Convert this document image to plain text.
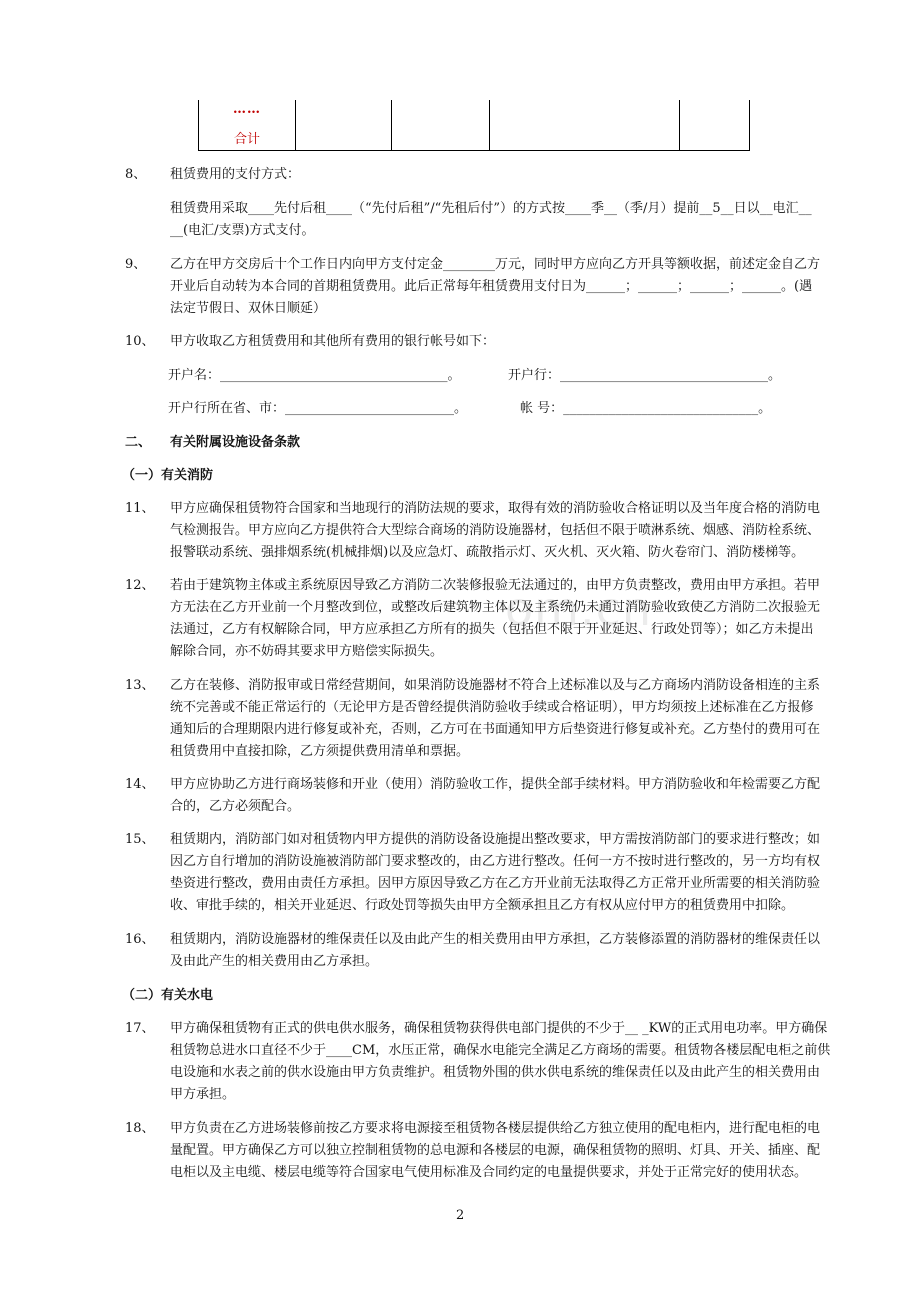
om.cn
……
合计
8、 租赁费用的支付方式：
租赁费用采取____先付后租____（“先付后租”/“先租后付”）的方式按____季__（季/月）提前__5__日以__电汇__
__(电汇/支票)方式支付。
9、 乙方在甲方交房后十个工作日内向甲方支付定金________万元，同时甲方应向乙方开具等额收据，前述定金自乙方
开业后自动转为本合同的首期租赁费用。此后正常每年租赁费用支付日为______；______；______；______。(遇
法定节假日、双休日顺延）
10、 甲方收取乙方租赁费用和其他所有费用的银行帐号如下：
开户名：___________________________________。	开户行：________________________________。
开户行所在省、市：__________________________。	帐 号：______________________________。
二、 有关附属设施设备条款
（一）有关消防
11、 甲方应确保租赁物符合国家和当地现行的消防法规的要求，取得有效的消防验收合格证明以及当年度合格的消防电
气检测报告。甲方应向乙方提供符合大型综合商场的消防设施器材，包括但不限于喷淋系统、烟感、消防栓系统、
报警联动系统、强排烟系统(机械排烟)以及应急灯、疏散指示灯、灭火机、灭火箱、防火卷帘门、消防楼梯等。
12、 若由于建筑物主体或主系统原因导致乙方消防二次装修报验无法通过的，由甲方负责整改，费用由甲方承担。若甲
方无法在乙方开业前一个月整改到位，或整改后建筑物主体以及主系统仍未通过消防验收致使乙方消防二次报验无
法通过，乙方有权解除合同，甲方应承担乙方所有的损失（包括但不限于开业延迟、行政处罚等）；如乙方未提出
解除合同，亦不妨碍其要求甲方赔偿实际损失。
13、 乙方在装修、消防报审或日常经营期间，如果消防设施器材不符合上述标准以及与乙方商场内消防设备相连的主系
统不完善或不能正常运行的（无论甲方是否曾经提供消防验收手续或合格证明），甲方均须按上述标准在乙方报修
通知后的合理期限内进行修复或补充，否则，乙方可在书面通知甲方后垫资进行修复或补充。乙方垫付的费用可在
租赁费用中直接扣除，乙方须提供费用清单和票据。
14、 甲方应协助乙方进行商场装修和开业（使用）消防验收工作，提供全部手续材料。甲方消防验收和年检需要乙方配
合的，乙方必须配合。
15、 租赁期内，消防部门如对租赁物内甲方提供的消防设备设施提出整改要求，甲方需按消防部门的要求进行整改；如
因乙方自行增加的消防设施被消防部门要求整改的，由乙方进行整改。任何一方不按时进行整改的，另一方均有权
垫资进行整改，费用由责任方承担。因甲方原因导致乙方在乙方开业前无法取得乙方正常开业所需要的相关消防验
收、审批手续的，相关开业延迟、行政处罚等损失由甲方全额承担且乙方有权从应付甲方的租赁费用中扣除。
16、 租赁期内，消防设施器材的维保责任以及由此产生的相关费用由甲方承担，乙方装修添置的消防器材的维保责任以
及由此产生的相关费用由乙方承担。
（二）有关水电
17、 甲方确保租赁物有正式的供电供水服务，确保租赁物获得供电部门提供的不少于__ _KW的正式用电功率。甲方确保
租赁物总进水口直径不少于____CM，水压正常，确保水电能完全满足乙方商场的需要。租赁物各楼层配电柜之前供
电设施和水表之前的供水设施由甲方负责维护。租赁物外围的供水供电系统的维保责任以及由此产生的相关费用由
甲方承担。
18、 甲方负责在乙方进场装修前按乙方要求将电源接至租赁物各楼层提供给乙方独立使用的配电柜内，进行配电柜的电
量配置。甲方确保乙方可以独立控制租赁物的总电源和各楼层的电源，确保租赁物的照明、灯具、开关、插座、配
电柜以及主电缆、楼层电缆等符合国家电气使用标准及合同约定的电量提供要求，并处于正常完好的使用状态。
2
